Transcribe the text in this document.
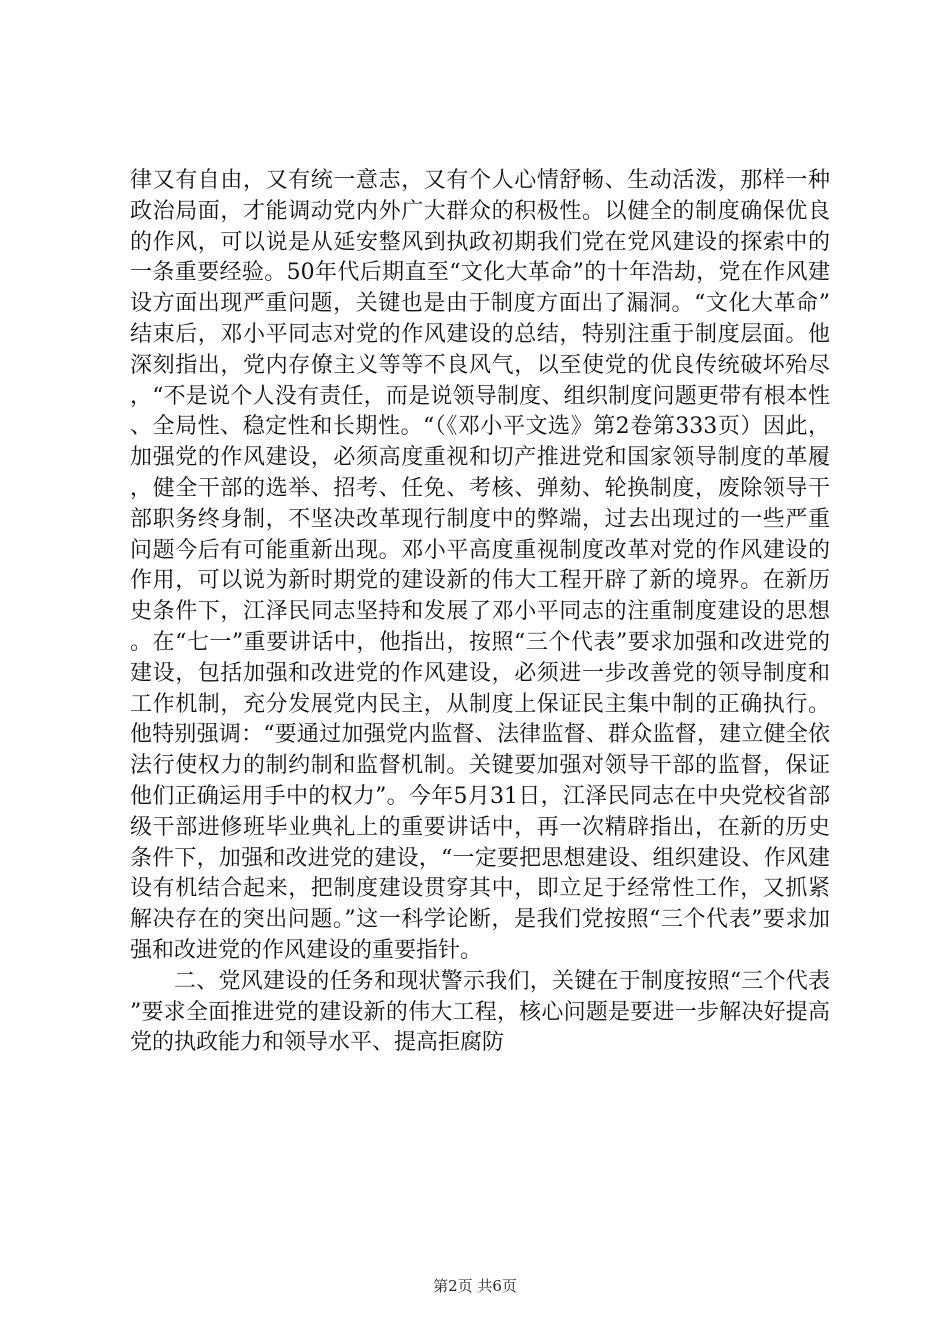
律又有自由，又有统一意志，又有个人心情舒畅、生动活泼，那样一种政治局面，才能调动党内外广大群众的积极性。以健全的制度确保优良的作风，可以说是从延安整风到执政初期我们党在党风建设的探索中的一条重要经验。50年代后期直至“文化大革命”的十年浩劫，党在作风建设方面出现严重问题，关键也是由于制度方面出了漏洞。“文化大革命”结束后，邓小平同志对党的作风建设的总结，特别注重于制度层面。他深刻指出，党内存僚主义等等不良风气，以至使党的优良传统破坏殆尽，“不是说个人没有责任，而是说领导制度、组织制度问题更带有根本性、全局性、稳定性和长期性。“（《邓小平文选》第2卷第333页）因此，加强党的作风建设，必须高度重视和切产推进党和国家领导制度的革履，健全干部的选举、招考、任免、考核、弹劾、轮换制度，废除领导干部职务终身制，不坚决改革现行制度中的弊端，过去出现过的一些严重问题今后有可能重新出现。邓小平高度重视制度改革对党的作风建设的作用，可以说为新时期党的建设新的伟大工程开辟了新的境界。在新历史条件下，江泽民同志坚持和发展了邓小平同志的注重制度建设的思想。在“七一”重要讲话中，他指出，按照“三个代表”要求加强和改进党的建设，包括加强和改进党的作风建设，必须进一步改善党的领导制度和工作机制，充分发展党内民主，从制度上保证民主集中制的正确执行。他特别强调：“要通过加强党内监督、法律监督、群众监督，建立健全依法行使权力的制约制和监督机制。关键要加强对领导干部的监督，保证他们正确运用手中的权力”。今年5月31日，江泽民同志在中央党校省部级干部进修班毕业典礼上的重要讲话中，再一次精辟指出，在新的历史条件下，加强和改进党的建设，“一定要把思想建设、组织建设、作风建设有机结合起来，把制度建设贯穿其中，即立足于经常性工作，又抓紧解决存在的突出问题。”这一科学论断，是我们党按照“三个代表”要求加强和改进党的作风建设的重要指针。

二、党风建设的任务和现状警示我们，关键在于制度按照“三个代表”要求全面推进党的建设新的伟大工程，核心问题是要进一步解决好提高党的执政能力和领导水平、提高拒腐防

第2页 共6页
